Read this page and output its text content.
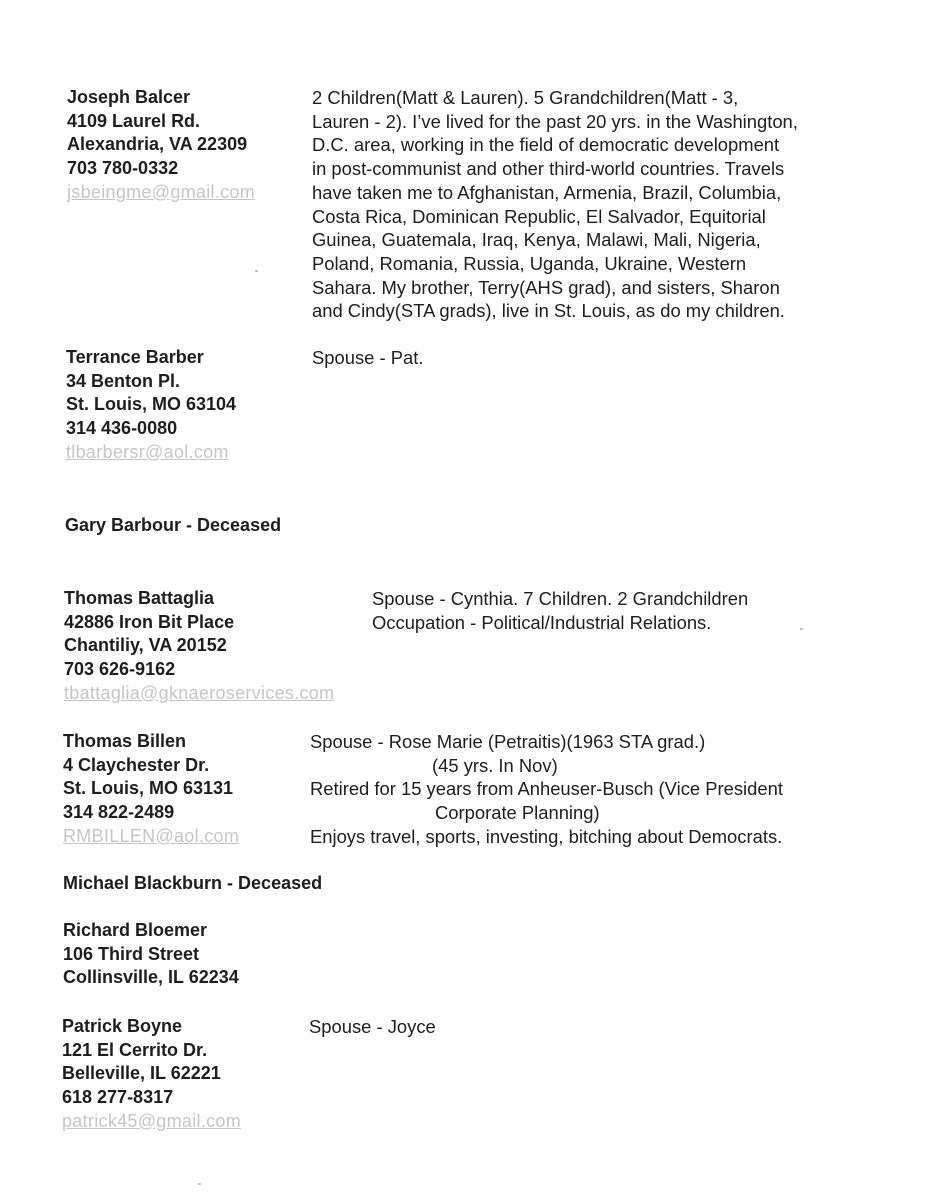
Joseph Balcer
4109 Laurel Rd.
Alexandria, VA 22309
703 780-0332
jsbeingme@gmail.com
2 Children(Matt & Lauren). 5 Grandchildren(Matt - 3,
Lauren - 2). I’ve lived for the past 20 yrs. in the Washington,
D.C. area, working in the field of democratic development
in post-communist and other third-world countries. Travels
have taken me to Afghanistan, Armenia, Brazil, Columbia,
Costa Rica, Dominican Republic, El Salvador, Equitorial
Guinea, Guatemala, Iraq, Kenya, Malawi, Mali, Nigeria,
Poland, Romania, Russia, Uganda, Ukraine, Western
Sahara. My brother, Terry(AHS grad), and sisters, Sharon
and Cindy(STA grads), live in St. Louis, as do my children.
Terrance Barber
34 Benton Pl.
St. Louis, MO 63104
314 436-0080
tlbarbersr@aol.com
Spouse - Pat.
Gary Barbour - Deceased
Thomas Battaglia
42886 Iron Bit Place
Chantiliy, VA 20152
703 626-9162
tbattaglia@gknaeroservices.com
Spouse - Cynthia. 7 Children. 2 Grandchildren
Occupation - Political/Industrial Relations.
Thomas Billen
4 Claychester Dr.
St. Louis, MO 63131
314 822-2489
RMBILLEN@aol.com
Spouse - Rose Marie (Petraitis)(1963 STA grad.)
(45 yrs. In Nov)
Retired for 15 years from Anheuser-Busch (Vice President
Corporate Planning)
Enjoys travel, sports, investing, bitching about Democrats.
Michael Blackburn - Deceased
Richard Bloemer
106 Third Street
Collinsville, IL 62234
Patrick Boyne
121 El Cerrito Dr.
Belleville, IL 62221
618 277-8317
patrick45@gmail.com
Spouse - Joyce
